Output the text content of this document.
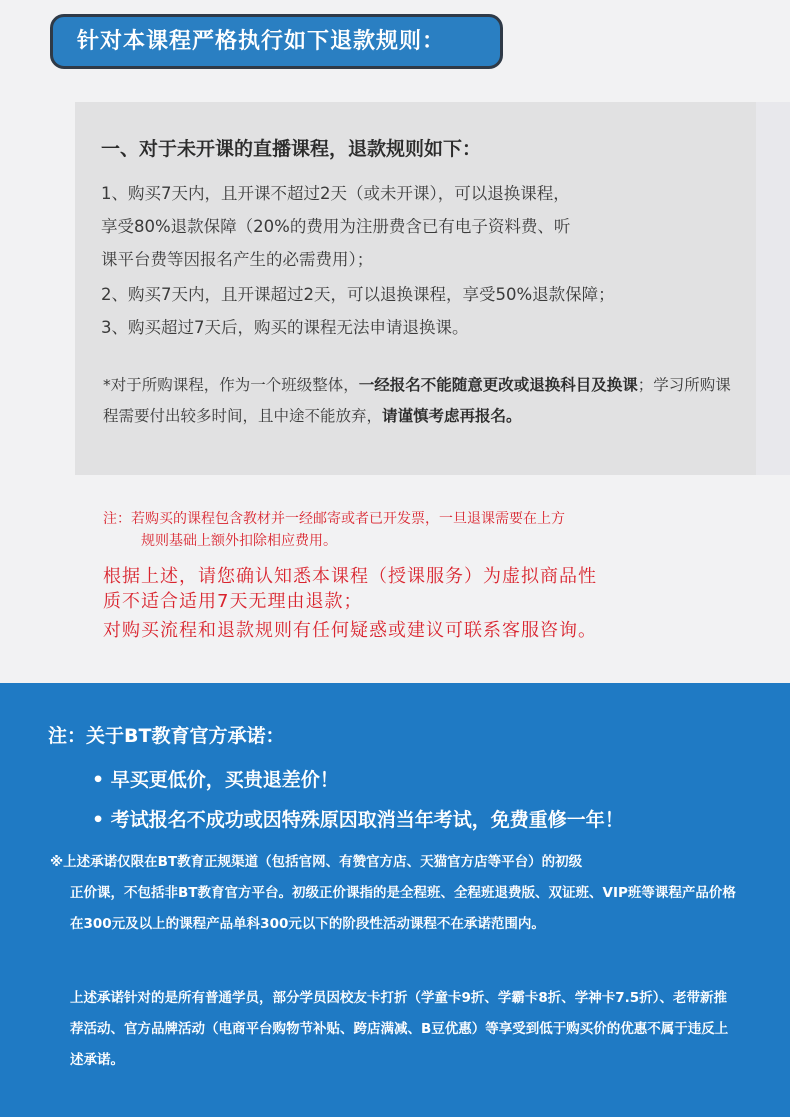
针对本课程严格执行如下退款规则：
一、对于未开课的直播课程，退款规则如下：
1、购买7天内，且开课不超过2天（或未开课），可以退换课程，
享受80%退款保障（20%的费用为注册费含已有电子资料费、听
课平台费等因报名产生的必需费用）；
2、购买7天内，且开课超过2天，可以退换课程，享受50%退款保障；
3、购买超过7天后，购买的课程无法申请退换课。
*对于所购课程，作为一个班级整体，一经报名不能随意更改或退换科目及换课；学习所购课程需要付出较多时间，且中途不能放弃，请谨慎考虑再报名。
注：若购买的课程包含教材并一经邮寄或者已开发票，一旦退课需要在上方
规则基础上额外扣除相应费用。
根据上述，请您确认知悉本课程（授课服务）为虚拟商品性
质不适合适用7天无理由退款；
对购买流程和退款规则有任何疑惑或建议可联系客服咨询。
注：关于BT教育官方承诺：
• 早买更低价，买贵退差价！
• 考试报名不成功或因特殊原因取消当年考试，免费重修一年！
※上述承诺仅限在BT教育正规渠道（包括官网、有赞官方店、天猫官方店等平台）的初级
正价课，不包括非BT教育官方平台。初级正价课指的是全程班、全程班退费版、双证班、VIP班等课程产品价格在300元及以上的课程产品单科300元以下的阶段性活动课程不在承诺范围内。
上述承诺针对的是所有普通学员，部分学员因校友卡打折（学童卡9折、学霸卡8折、学神卡7.5折）、老带新推荐活动、官方品牌活动（电商平台购物节补贴、跨店满减、B豆优惠）等享受到低于购买价的优惠不属于违反上述承诺。
